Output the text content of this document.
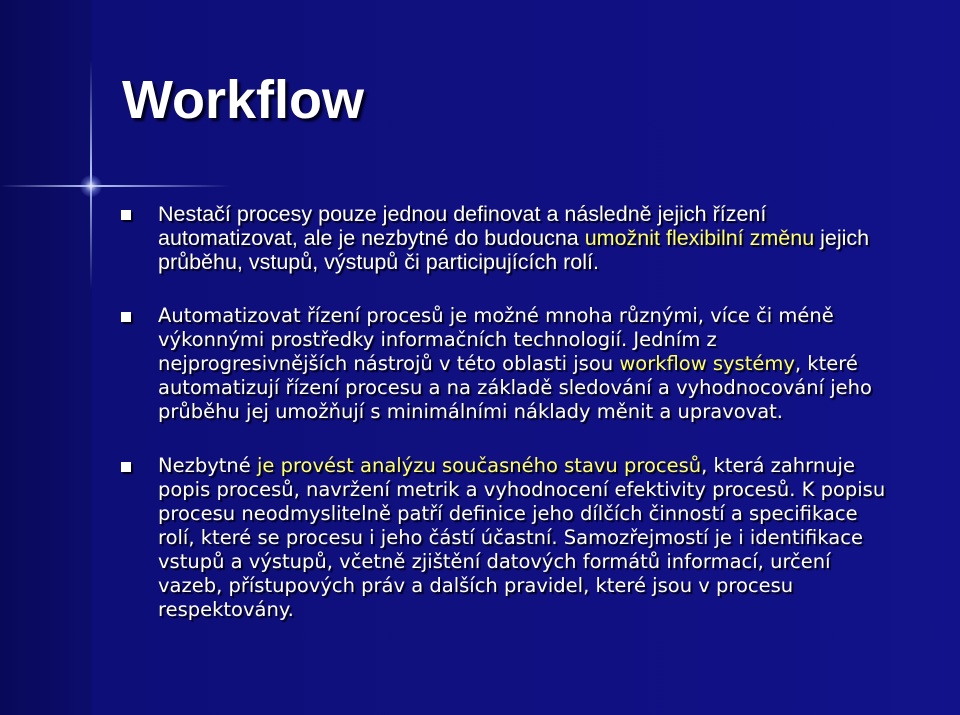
Workflow
Nestačí procesy pouze jednou definovat a následně jejich řízení automatizovat, ale je nezbytné do budoucna umožnit flexibilní změnu jejich průběhu, vstupů, výstupů či participujících rolí.
Automatizovat řízení procesů je možné mnoha různými, více či méně výkonnými prostředky informačních technologií. Jedním z nejprogresivnějších nástrojů v této oblasti jsou workflow systémy, které automatizují řízení procesu a na základě sledování a vyhodnocování jeho průběhu jej umožňují s minimálními náklady měnit a upravovat.
Nezbytné je provést analýzu současného stavu procesů, která zahrnuje popis procesů, navržení metrik a vyhodnocení efektivity procesů. K popisu procesu neodmyslitelně patří definice jeho dílčích činností a specifikace rolí, které se procesu i jeho částí účastní. Samozřejmostí je i identifikace vstupů a výstupů, včetně zjištění datových formátů informací, určení vazeb, přístupových práv a dalších pravidel, které jsou v procesu respektovány.
